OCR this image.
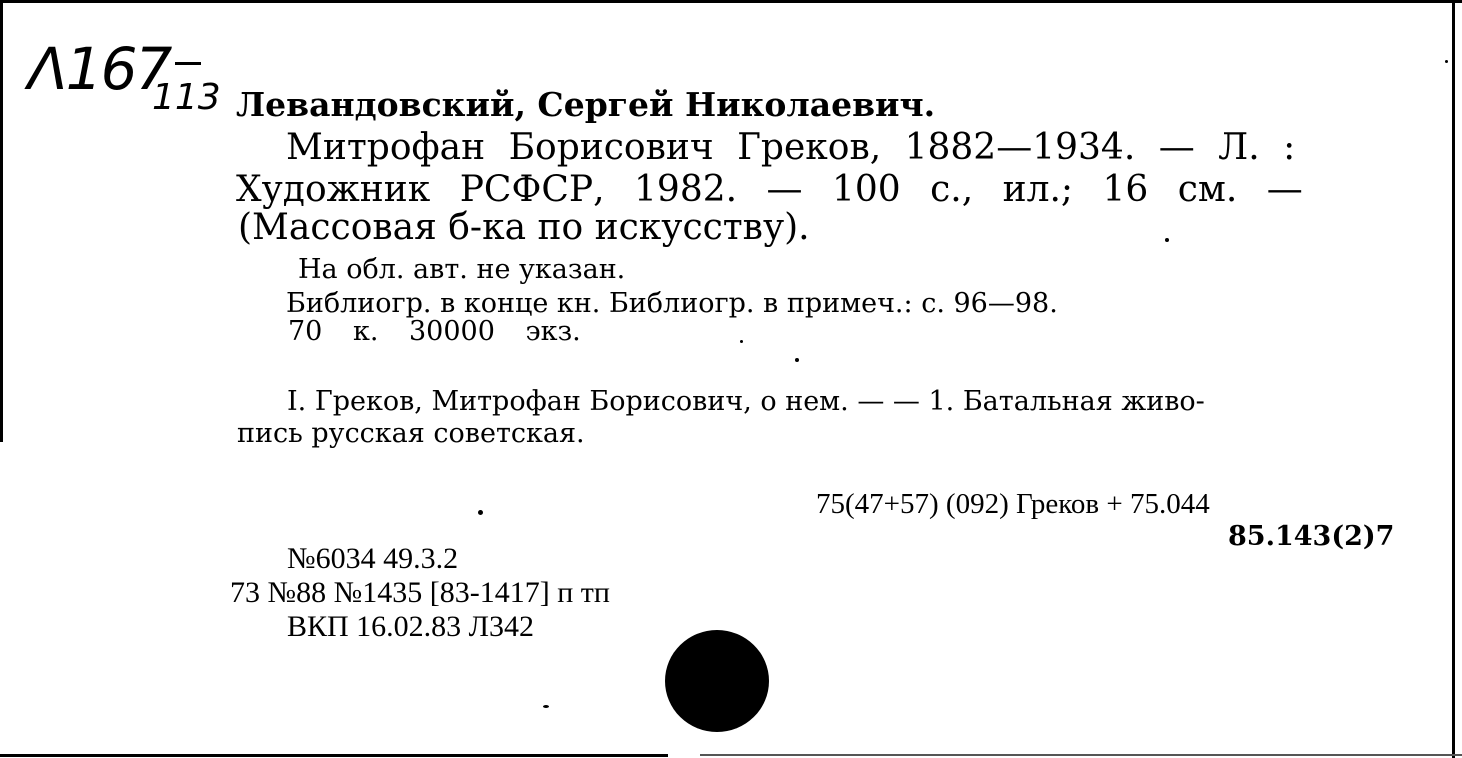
Λ167
113 Левандовский, Сергей Николаевич.
Митрофан Борисович Греков, 1882—1934. — Л. :
Художник РСФСР, 1982. — 100 с., ил.; 16 см. —
(Массовая б-ка по искусству).
На обл. авт. не указан.
Библиогр. в конце кн. Библиогр. в примеч.: с. 96—98.
70 к. 30000 экз.
I. Греков, Митрофан Борисович, о нем. — — 1. Батальная живо-
пись русская советская.
75(47+57) (092) Греков + 75.044
85.143(2)7
№6034 49.3.2
73 №88 №1435 [83-1417] п тп
ВКП 16.02.83 Л342
